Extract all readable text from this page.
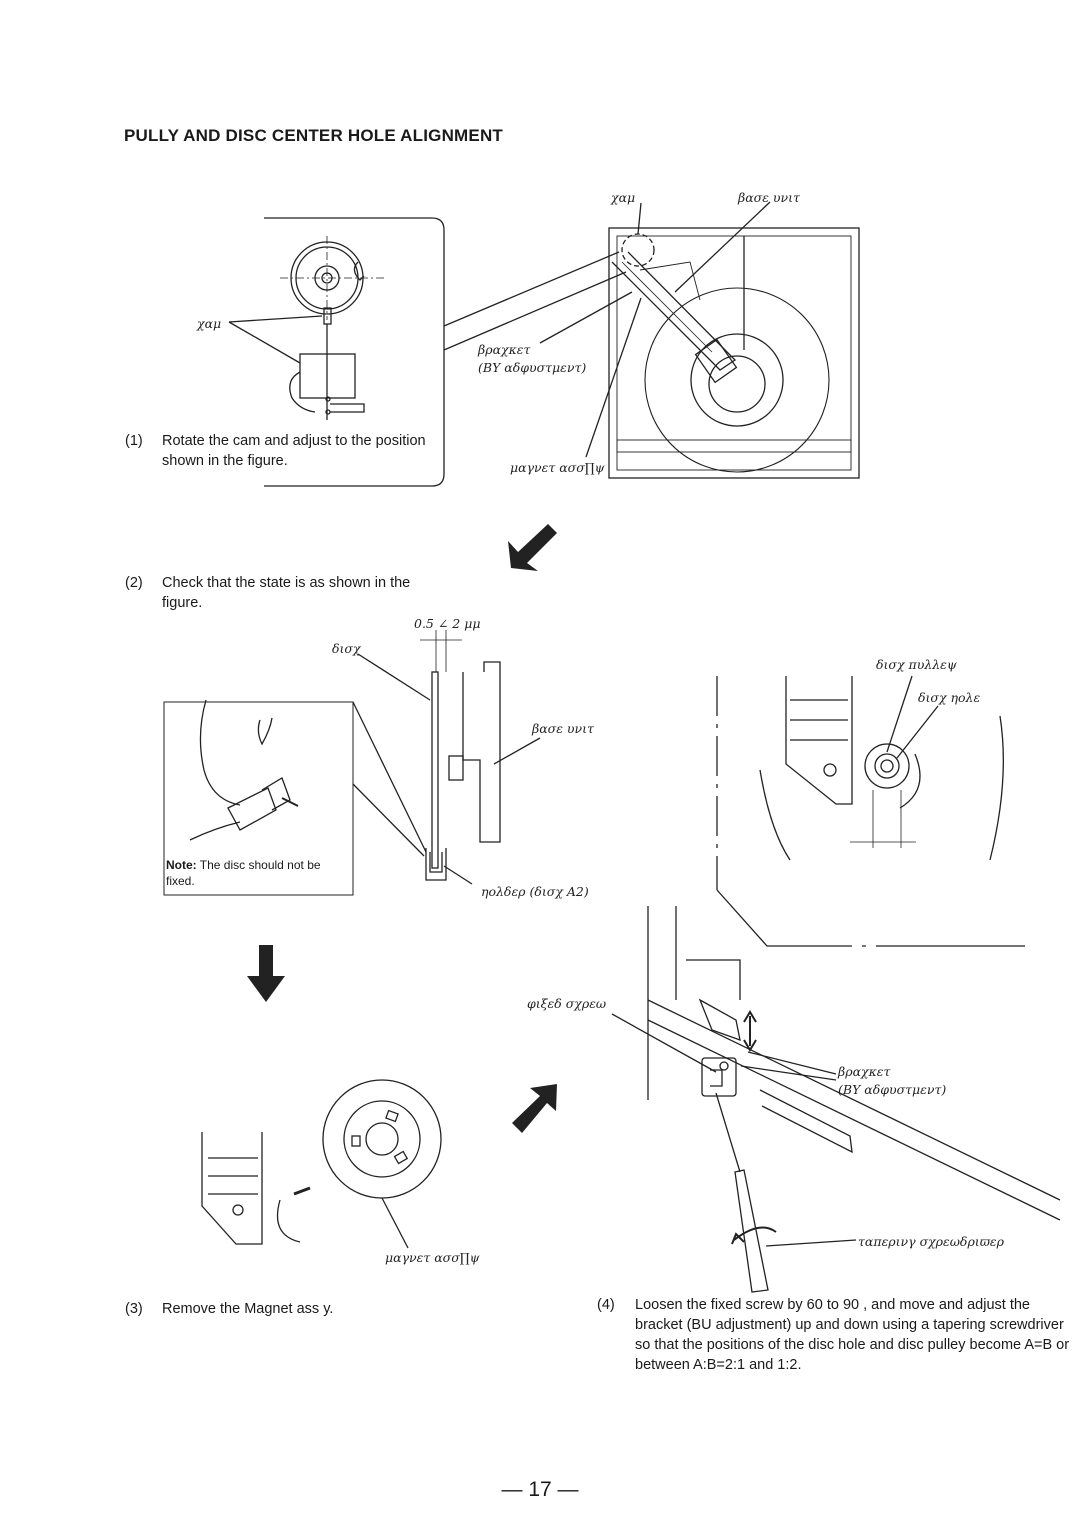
PULLY AND DISC CENTER HOLE ALIGNMENT
χαμ	βασε υνιτ
χαμ
βραχκετ
(ΒΥ αδφυστμεντ)
μαγνετ ασσ∏ψ
0.5 ∠ 2 μμ
δισχ
βασε υνιτ
ηολδερ (δισχ Α2)
δισχ πυλλεψ
δισχ ηολε
φιξεδ σχρεω
βραχκετ
(ΒΥ αδφυστμεντ)
ταπερινγ σχρεωδριϖερ
μαγνετ ασσ∏ψ
(1) Rotate the cam and adjust to the position shown in the figure.
(2) Check that the state is as shown in the figure.
(3) Remove the Magnet ass y.	(4) Loosen the fixed screw by 60 to 90 , and move and adjust the bracket (BU adjustment) up and down using a tapering screwdriver so that the positions of the disc hole and disc pulley become A=B or between A:B=2:1 and 1:2.
Note: The disc should not be fixed.
— 17 —
